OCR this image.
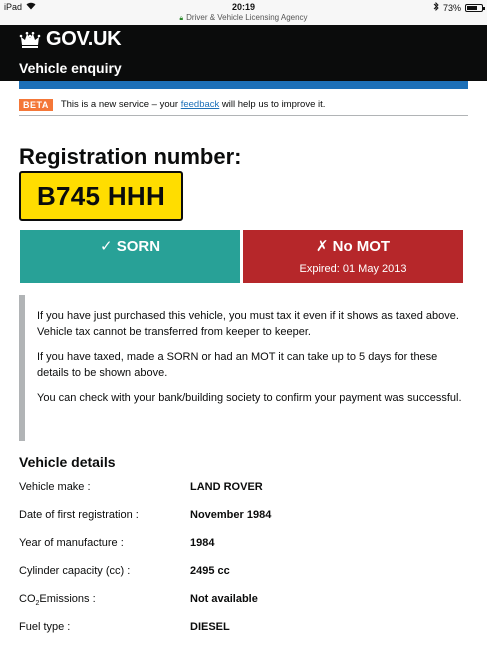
iPad	20:19
🔒︎ Driver & Vehicle Licensing Agency
73%
GOV.UK
Vehicle enquiry
BETA	This is a new service – your feedback will help us to improve it.
Registration number:
B745 HHH
✓ SORN	✗ No MOT
Expired: 01 May 2013

If you have just purchased this vehicle, you must tax it even if it shows as taxed above. Vehicle tax cannot be transferred from keeper to keeper.

If you have taxed, made a SORN or had an MOT it can take up to 5 days for these details to be shown above.

You can check with your bank/building society to confirm your payment was successful.

Vehicle details
Vehicle make :	LAND ROVER
Date of first registration :	November 1984
Year of manufacture :	1984
Cylinder capacity (cc) :	2495 cc
$CO_2Emissions$ :	Not available
Fuel type :	DIESEL
